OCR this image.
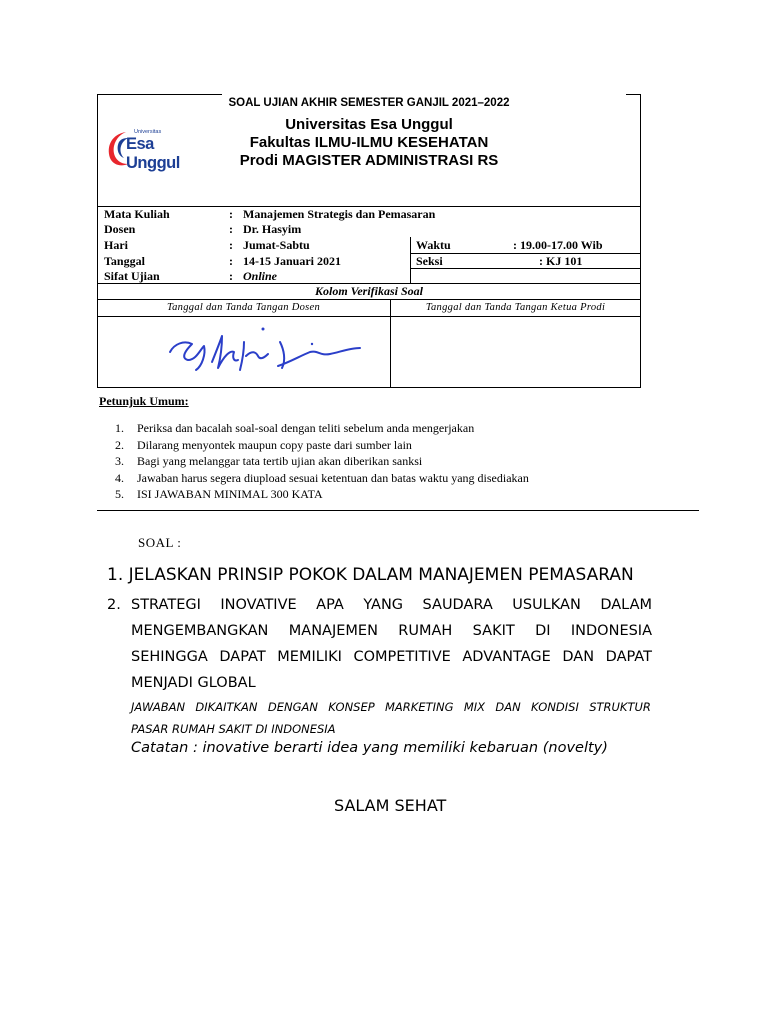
SOAL UJIAN AKHIR SEMESTER GANJIL 2021–2022
Universitas Esa Unggul
Fakultas ILMU-ILMU KESEHATAN
Prodi MAGISTER ADMINISTRASI RS
Universitas
Esa Unggul
Mata Kuliah	: Manajemen Strategis dan Pemasaran
Dosen	: Dr. Hasyim
Hari	: Jumat-Sabtu	Waktu	: 19.00-17.00 Wib
Tanggal	: 14-15 Januari 2021	Seksi	: KJ 101
Sifat Ujian	: Online
Kolom Verifikasi Soal
Tanggal dan Tanda Tangan Dosen	Tanggal dan Tanda Tangan Ketua Prodi
Petunjuk Umum:
1.	Periksa dan bacalah soal-soal dengan teliti sebelum anda mengerjakan
2.	Dilarang menyontek maupun copy paste dari sumber lain
3.	Bagi yang melanggar tata tertib ujian akan diberikan sanksi
4.	Jawaban harus segera diupload sesuai ketentuan dan batas waktu yang disediakan
5.	ISI JAWABAN MINIMAL 300 KATA
SOAL :
1. JELASKAN PRINSIP POKOK DALAM MANAJEMEN PEMASARAN
2. STRATEGI INOVATIVE APA YANG SAUDARA USULKAN DALAM
MENGEMBANGKAN MANAJEMEN RUMAH SAKIT DI INDONESIA
SEHINGGA DAPAT MEMILIKI COMPETITIVE ADVANTAGE DAN DAPAT
MENJADI GLOBAL
JAWABAN DIKAITKAN DENGAN KONSEP MARKETING MIX DAN KONDISI STRUKTUR
PASAR RUMAH SAKIT DI INDONESIA
Catatan : inovative berarti idea yang memiliki kebaruan (novelty)
SALAM SEHAT
